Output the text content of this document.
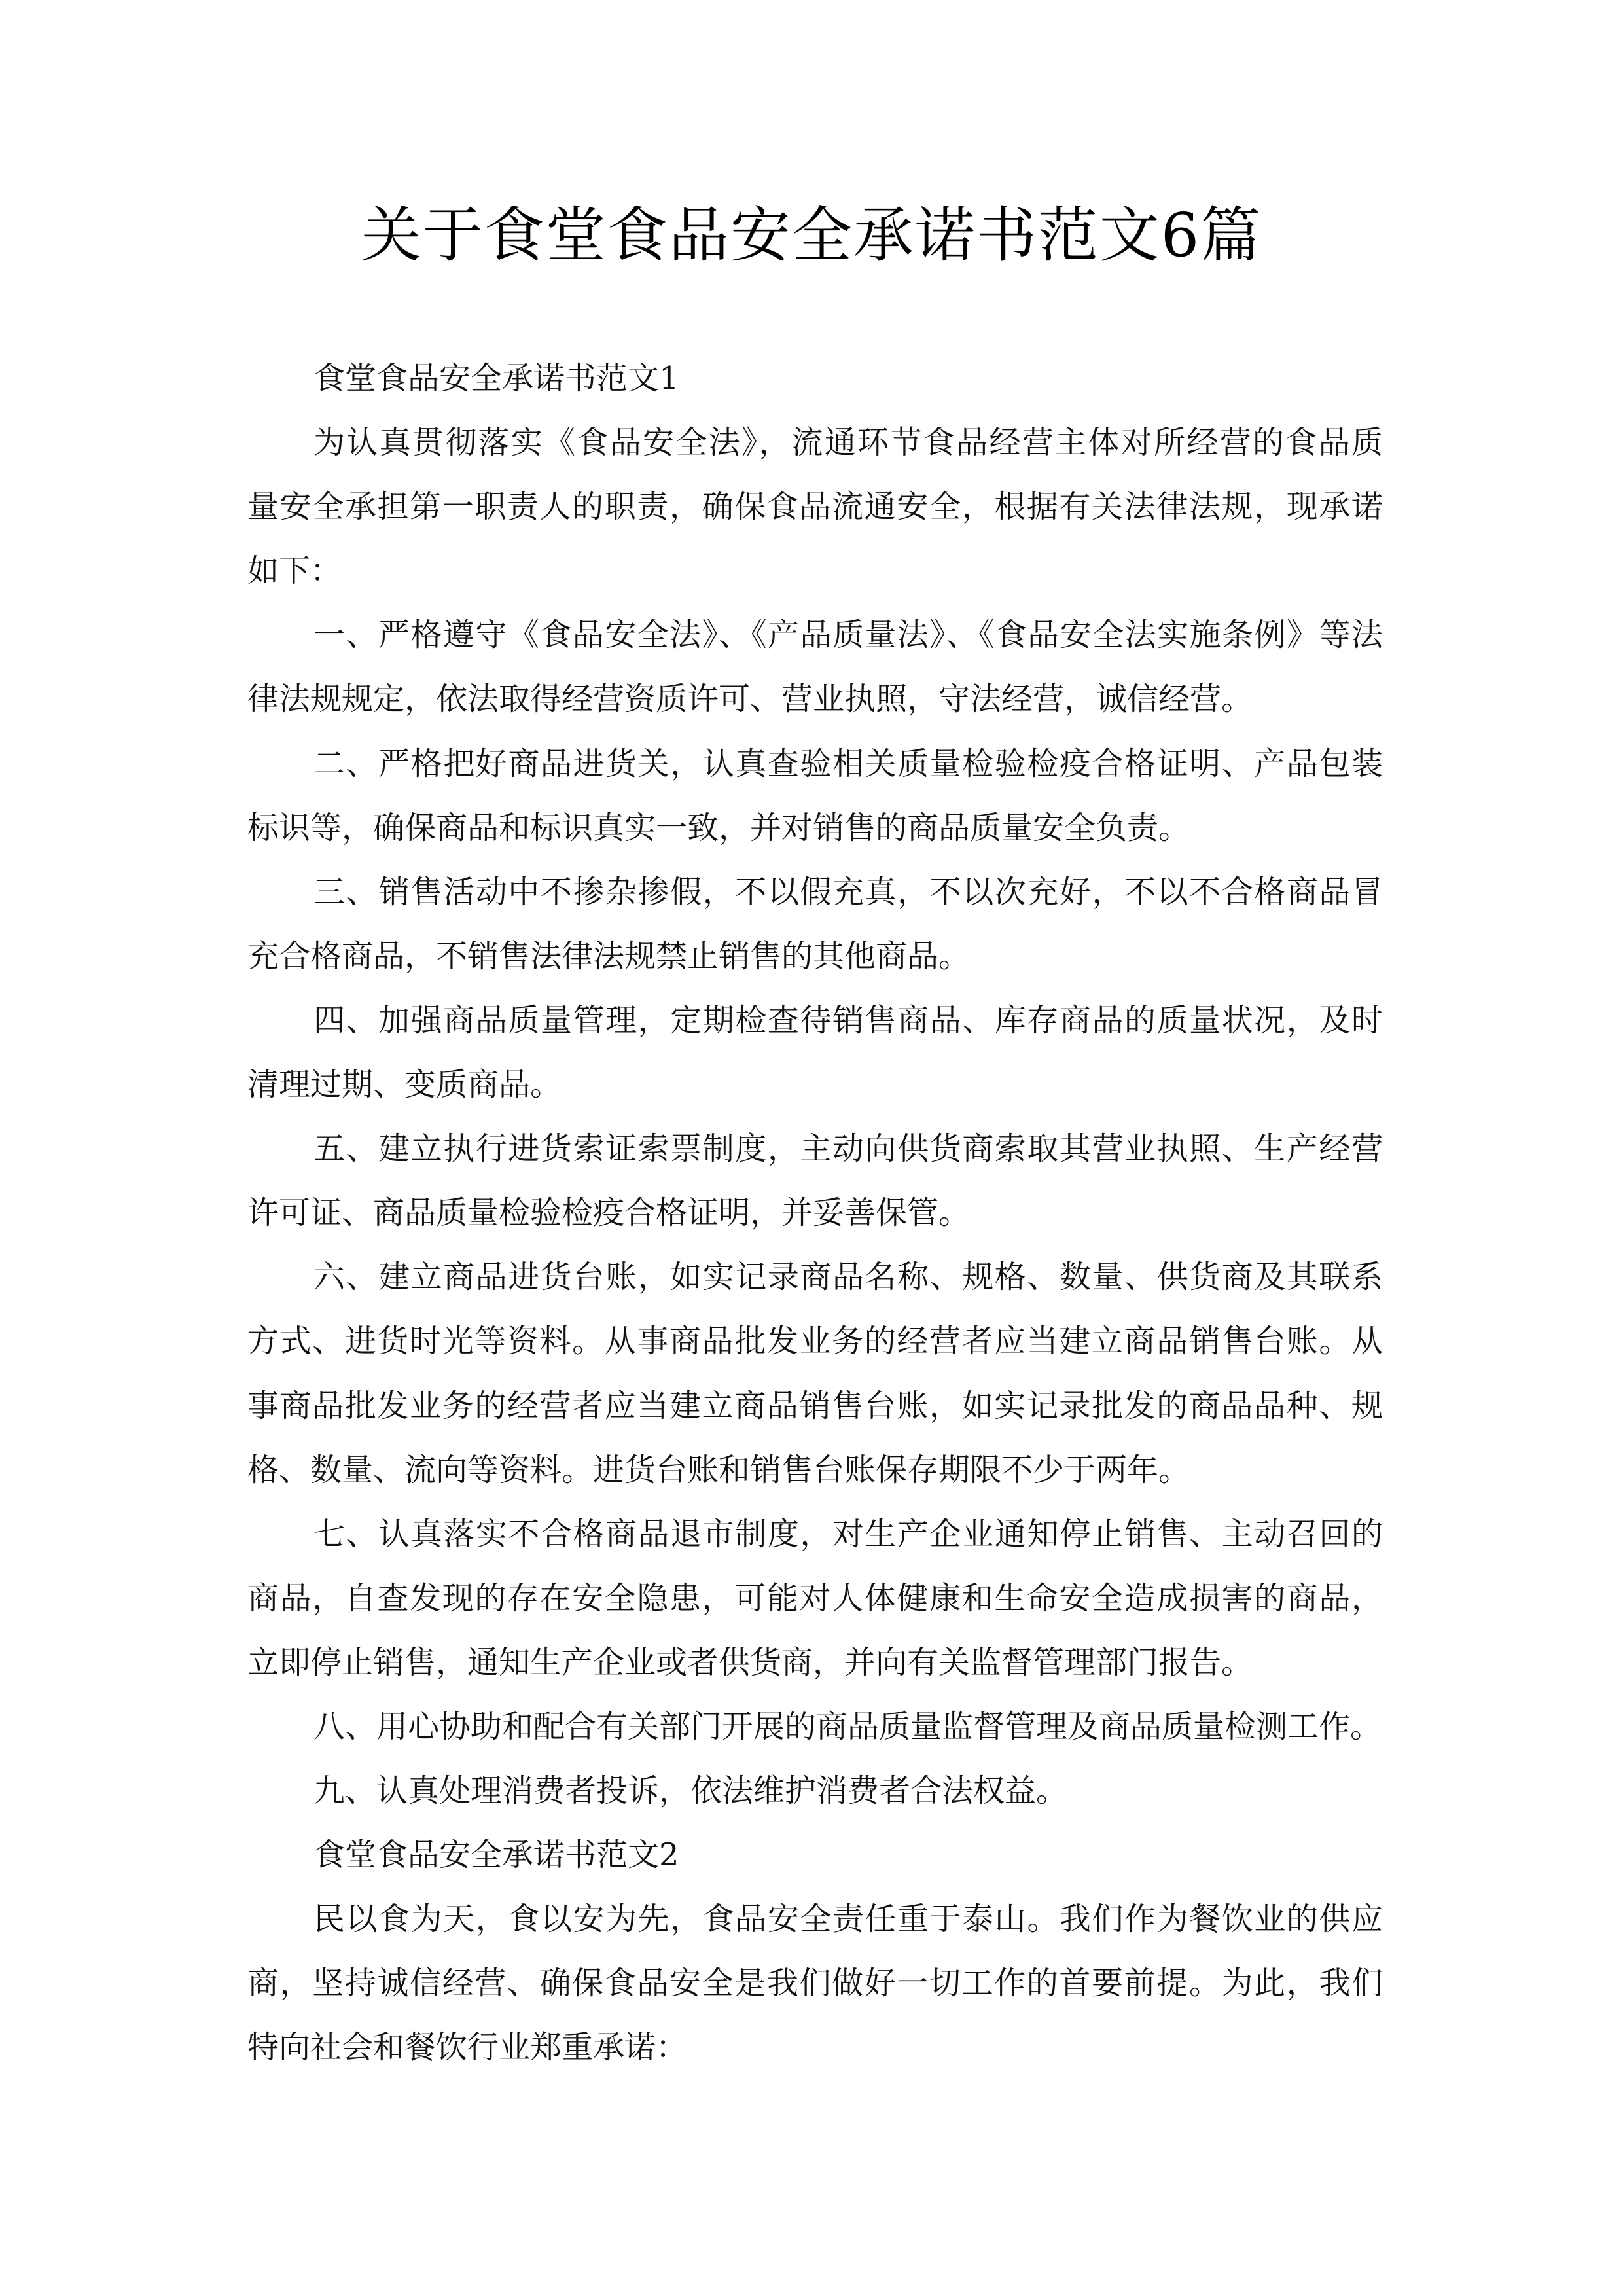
关于食堂食品安全承诺书范文6篇
食堂食品安全承诺书范文1
为认真贯彻落实《食品安全法》，流通环节食品经营主体对所经营的食品质
量安全承担第一职责人的职责，确保食品流通安全，根据有关法律法规，现承诺
如下：
一、严格遵守《食品安全法》、《产品质量法》、《食品安全法实施条例》等法
律法规规定，依法取得经营资质许可、营业执照，守法经营，诚信经营。
二、严格把好商品进货关，认真查验相关质量检验检疫合格证明、产品包装
标识等，确保商品和标识真实一致，并对销售的商品质量安全负责。
三、销售活动中不掺杂掺假，不以假充真，不以次充好，不以不合格商品冒
充合格商品，不销售法律法规禁止销售的其他商品。
四、加强商品质量管理，定期检查待销售商品、库存商品的质量状况，及时
清理过期、变质商品。
五、建立执行进货索证索票制度，主动向供货商索取其营业执照、生产经营
许可证、商品质量检验检疫合格证明，并妥善保管。
六、建立商品进货台账，如实记录商品名称、规格、数量、供货商及其联系
方式、进货时光等资料。从事商品批发业务的经营者应当建立商品销售台账。从
事商品批发业务的经营者应当建立商品销售台账，如实记录批发的商品品种、规
格、数量、流向等资料。进货台账和销售台账保存期限不少于两年。
七、认真落实不合格商品退市制度，对生产企业通知停止销售、主动召回的
商品，自查发现的存在安全隐患，可能对人体健康和生命安全造成损害的商品，
立即停止销售，通知生产企业或者供货商，并向有关监督管理部门报告。
八、用心协助和配合有关部门开展的商品质量监督管理及商品质量检测工作。
九、认真处理消费者投诉，依法维护消费者合法权益。
食堂食品安全承诺书范文2
民以食为天，食以安为先，食品安全责任重于泰山。我们作为餐饮业的供应
商，坚持诚信经营、确保食品安全是我们做好一切工作的首要前提。为此，我们
特向社会和餐饮行业郑重承诺：
